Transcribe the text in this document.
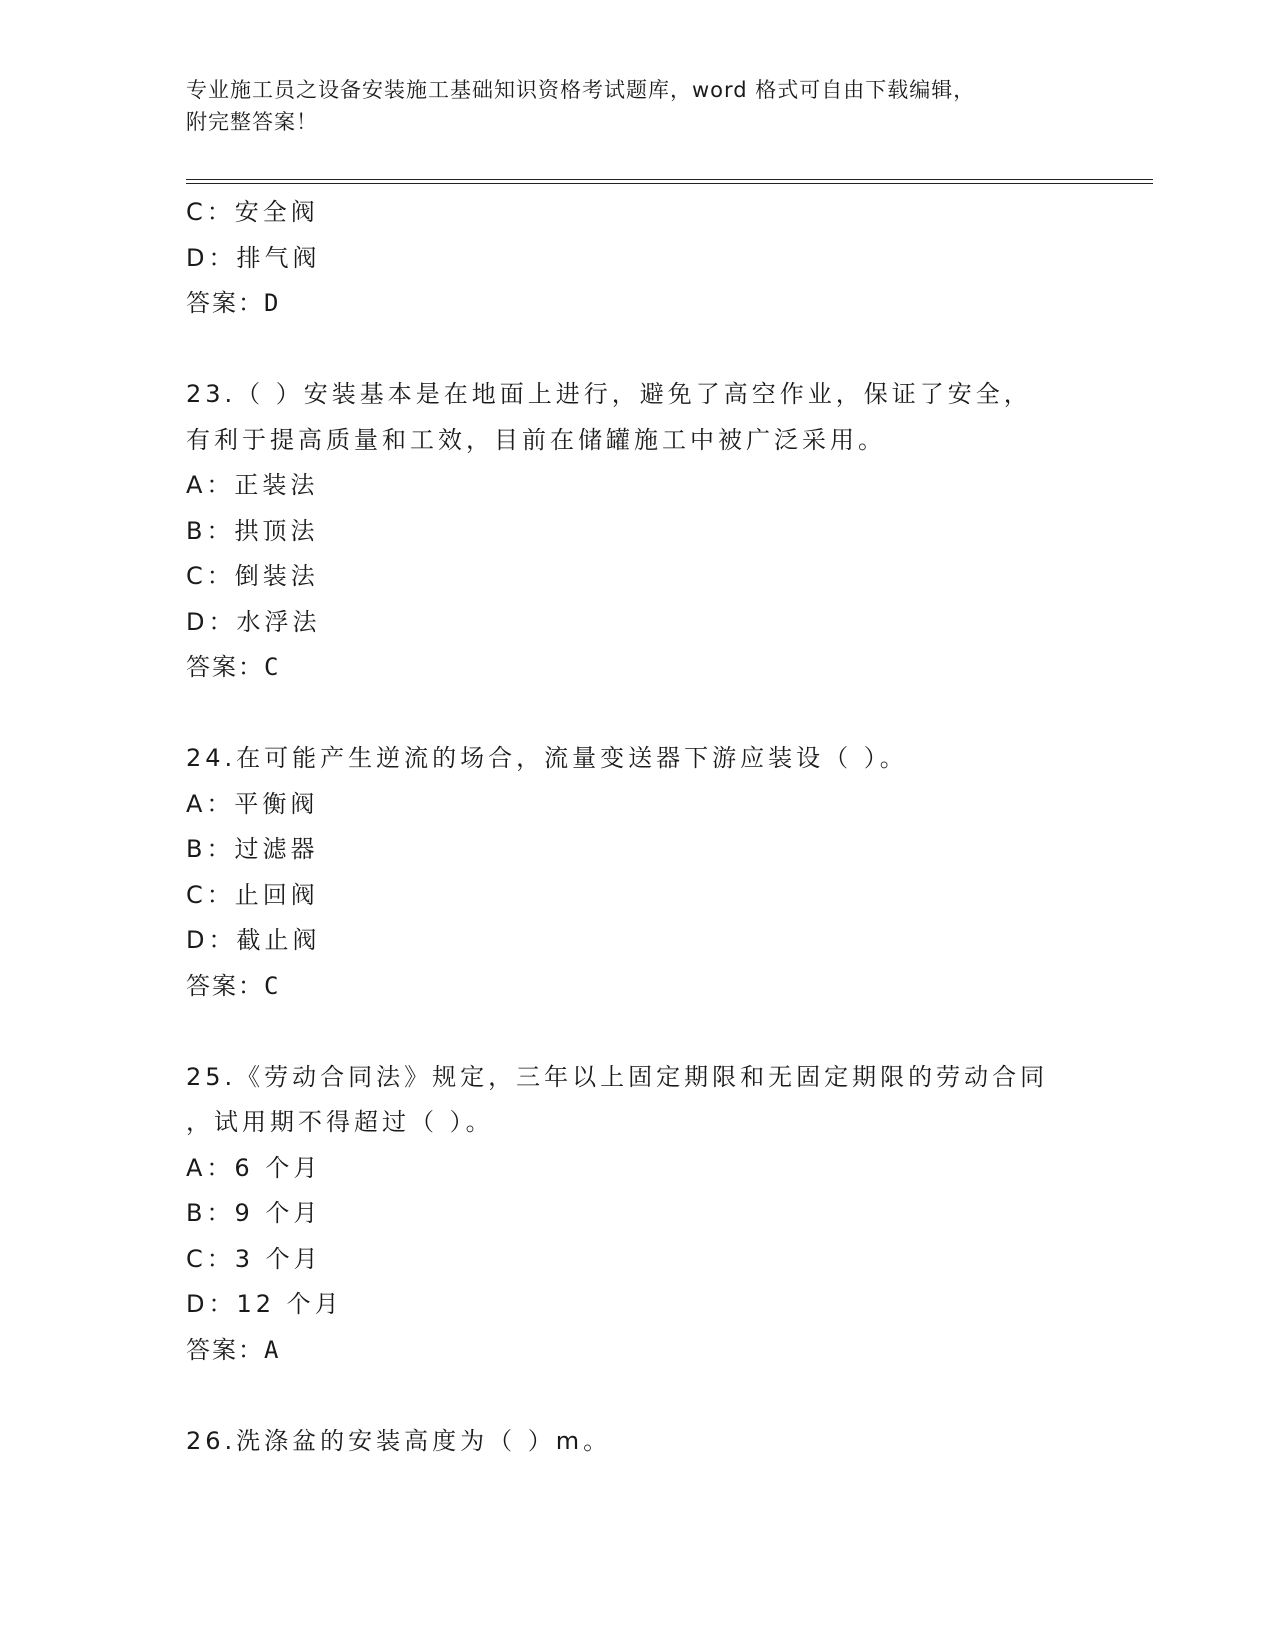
专业施工员之设备安装施工基础知识资格考试题库，word 格式可自由下载编辑，
附完整答案！
C：安全阀
D：排气阀
答案：D
23.（ ）安装基本是在地面上进行，避免了高空作业，保证了安全，
有利于提高质量和工效，目前在储罐施工中被广泛采用。
A：正装法
B：拱顶法
C：倒装法
D：水浮法
答案：C
24.在可能产生逆流的场合，流量变送器下游应装设（ ）。
A：平衡阀
B：过滤器
C：止回阀
D：截止阀
答案：C
25.《劳动合同法》规定，三年以上固定期限和无固定期限的劳动合同
，试用期不得超过（ ）。
A：6 个月
B：9 个月
C：3 个月
D：12 个月
答案：A
26.洗涤盆的安装高度为（ ）m。
